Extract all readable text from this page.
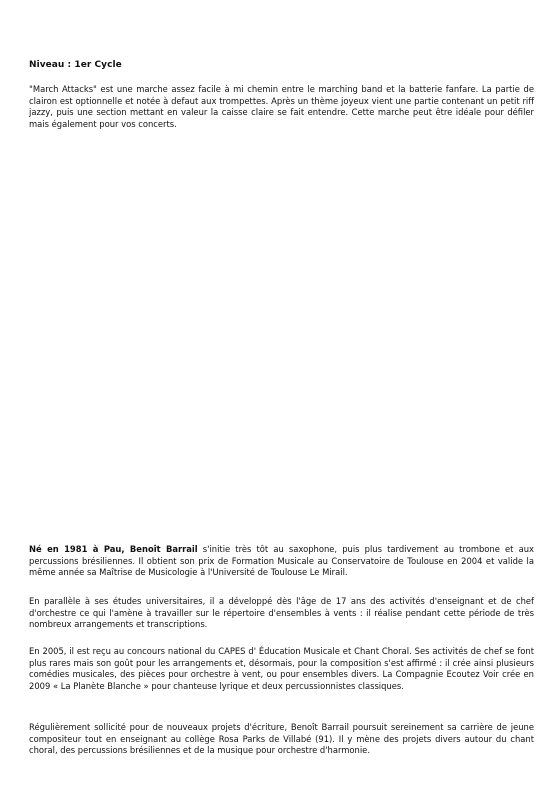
Niveau : 1er Cycle

"March Attacks" est une marche assez facile à mi chemin entre le marching band et la batterie fanfare. La partie de clairon est optionnelle et notée à defaut aux trompettes. Après un thème joyeux vient une partie contenant un petit riff jazzy, puis une section mettant en valeur la caisse claire se fait entendre. Cette marche peut être idéale pour défiler mais également pour vos concerts.

Né en 1981 à Pau, Benoît Barrail s'initie très tôt au saxophone, puis plus tardivement au trombone et aux percussions brésiliennes. Il obtient son prix de Formation Musicale au Conservatoire de Toulouse en 2004 et valide la même année sa Maîtrise de Musicologie à l'Université de Toulouse Le Mirail.

En parallèle à ses études universitaires, il a développé dès l'âge de 17 ans des activités d'enseignant et de chef d'orchestre ce qui l'amène à travailler sur le répertoire d'ensembles à vents : il réalise pendant cette période de très nombreux arrangements et transcriptions.

En 2005, il est reçu au concours national du CAPES d' Éducation Musicale et Chant Choral. Ses activités de chef se font plus rares mais son goût pour les arrangements et, désormais, pour la composition s'est affirmé : il crée ainsi plusieurs comédies musicales, des pièces pour orchestre à vent, ou pour ensembles divers. La Compagnie Ecoutez Voir crée en 2009 « La Planète Blanche » pour chanteuse lyrique et deux percussionnistes classiques.

Régulièrement sollicité pour de nouveaux projets d'écriture, Benoît Barrail poursuit sereinement sa carrière de jeune compositeur tout en enseignant au collège Rosa Parks de Villabé (91). Il y mène des projets divers autour du chant choral, des percussions brésiliennes et de la musique pour orchestre d'harmonie.
